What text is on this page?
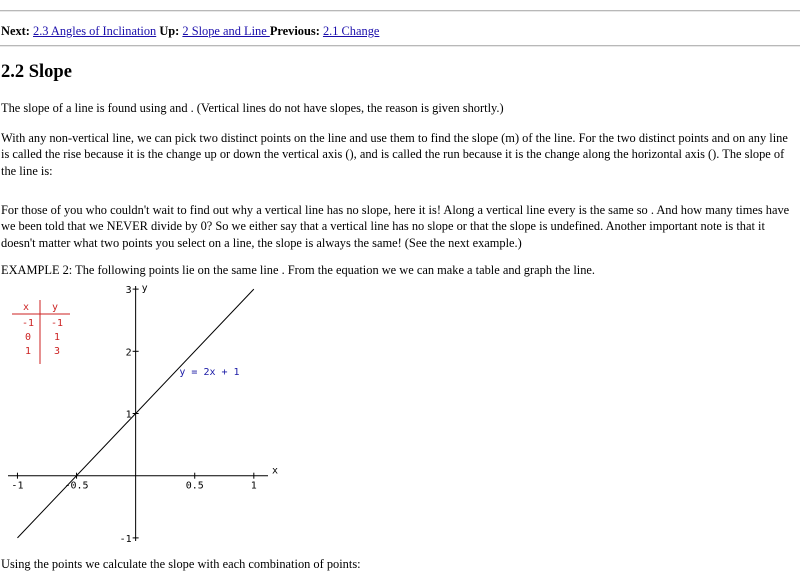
Next: 2.3 Angles of Inclination Up: 2 Slope and Line Previous: 2.1 Change
2.2 Slope

The slope of a line is found using and . (Vertical lines do not have slopes, the reason is given shortly.)

With any non-vertical line, we can pick two distinct points on the line and use them to find the slope (m) of the line. For the two distinct points and on any line is called the rise because it is the change up or down the vertical axis (), and is called the run because it is the change along the horizontal axis (). The slope of the line is:

For those of you who couldn't wait to find out why a vertical line has no slope, here it is! Along a vertical line every is the same so . And how many times have we been told that we NEVER divide by 0? So we either say that a vertical line has no slope or that the slope is undefined. Another important note is that it doesn't matter what two points you select on a line, the slope is always the same! (See the next example.)

EXAMPLE 2: The following points lie on the same line . From the equation we we can make a table and graph the line.

x y
-1 -1
0 1
1 3
-1	-0.5	0.5	1
-1
1
2
3
x
y
y = 2x + 1

Using the points we calculate the slope with each combination of points:
